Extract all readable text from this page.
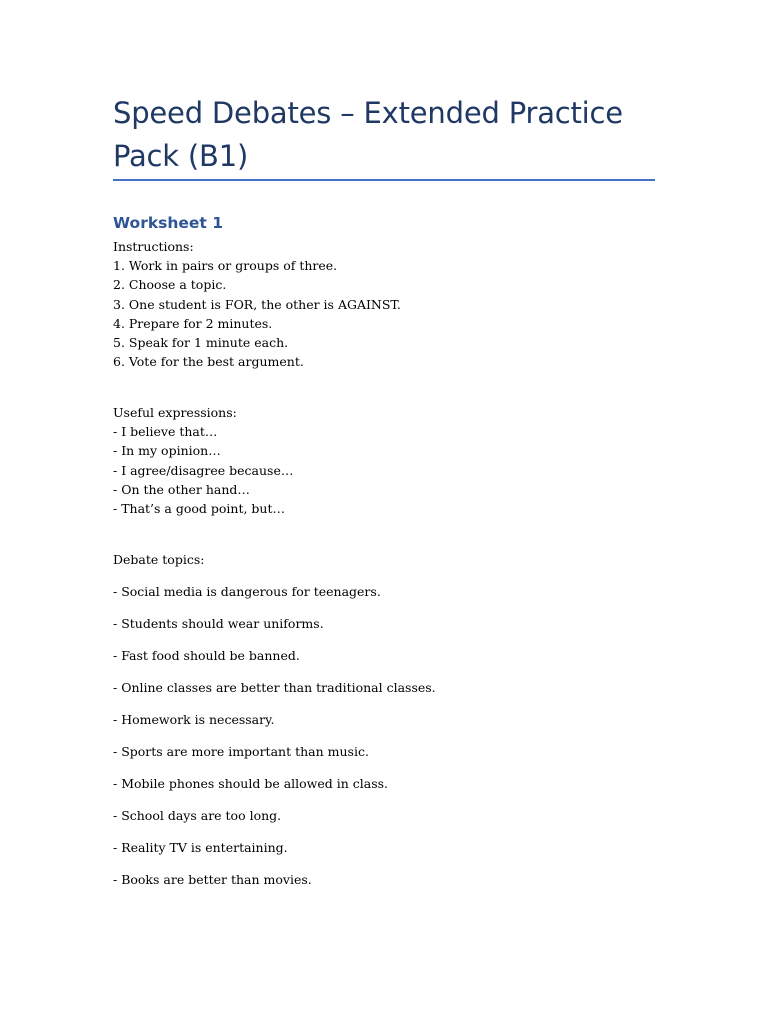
Speed Debates – Extended Practice Pack (B1)
Worksheet 1
Instructions:
1. Work in pairs or groups of three.
2. Choose a topic.
3. One student is FOR, the other is AGAINST.
4. Prepare for 2 minutes.
5. Speak for 1 minute each.
6. Vote for the best argument.
Useful expressions:
- I believe that…
- In my opinion…
- I agree/disagree because…
- On the other hand…
- That’s a good point, but…
Debate topics:
- Social media is dangerous for teenagers.
- Students should wear uniforms.
- Fast food should be banned.
- Online classes are better than traditional classes.
- Homework is necessary.
- Sports are more important than music.
- Mobile phones should be allowed in class.
- School days are too long.
- Reality TV is entertaining.
- Books are better than movies.
